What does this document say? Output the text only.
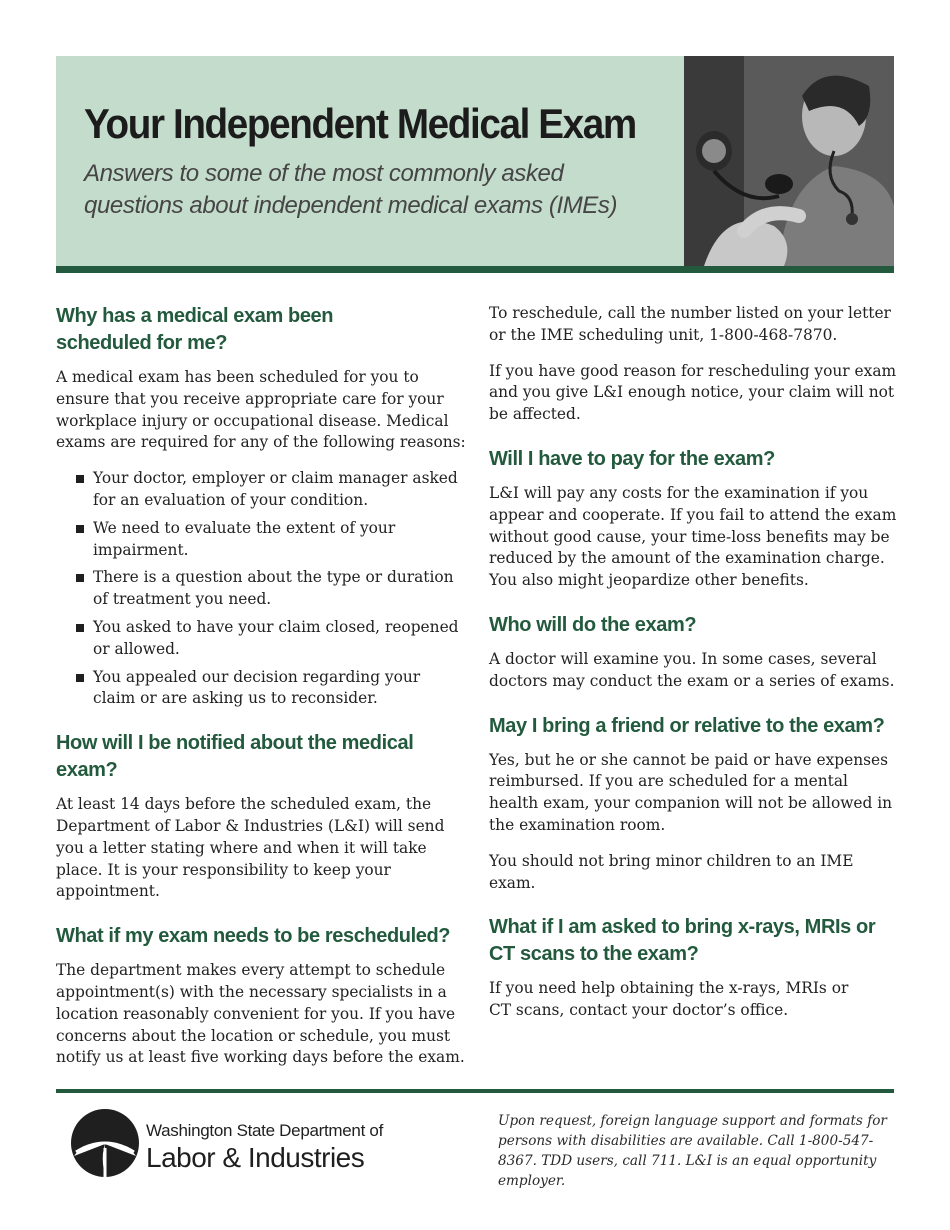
Your Independent Medical Exam

Answers to some of the most commonly asked questions about independent medical exams (IMEs)

Why has a medical exam been scheduled for me?

A medical exam has been scheduled for you to ensure that you receive appropriate care for your workplace injury or occupational disease. Medical exams are required for any of the following reasons:

Your doctor, employer or claim manager asked for an evaluation of your condition.
We need to evaluate the extent of your impairment.
There is a question about the type or duration of treatment you need.
You asked to have your claim closed, reopened or allowed.
You appealed our decision regarding your claim or are asking us to reconsider.
How will I be notified about the medical exam?

At least 14 days before the scheduled exam, the Department of Labor & Industries (L&I) will send you a letter stating where and when it will take place. It is your responsibility to keep your appointment.

What if my exam needs to be rescheduled?

The department makes every attempt to schedule appointment(s) with the necessary specialists in a location reasonably convenient for you. If you have concerns about the location or schedule, you must notify us at least five working days before the exam.

To reschedule, call the number listed on your letter or the IME scheduling unit, 1-800-468-7870.

If you have good reason for rescheduling your exam and you give L&I enough notice, your claim will not be affected.

Will I have to pay for the exam?

L&I will pay any costs for the examination if you appear and cooperate. If you fail to attend the exam without good cause, your time-loss benefits may be reduced by the amount of the examination charge. You also might jeopardize other benefits.

Who will do the exam?

A doctor will examine you. In some cases, several doctors may conduct the exam or a series of exams.

May I bring a friend or relative to the exam?

Yes, but he or she cannot be paid or have expenses reimbursed. If you are scheduled for a mental health exam, your companion will not be allowed in the examination room.

You should not bring minor children to an IME exam.

What if I am asked to bring x-rays, MRIs or CT scans to the exam?

If you need help obtaining the x-rays, MRIs or CT scans, contact your doctor’s office.

Washington State Department of
Labor & Industries

Upon request, foreign language support and formats for persons with disabilities are available. Call 1-800-547-8367. TDD users, call 711. L&I is an equal opportunity employer.
